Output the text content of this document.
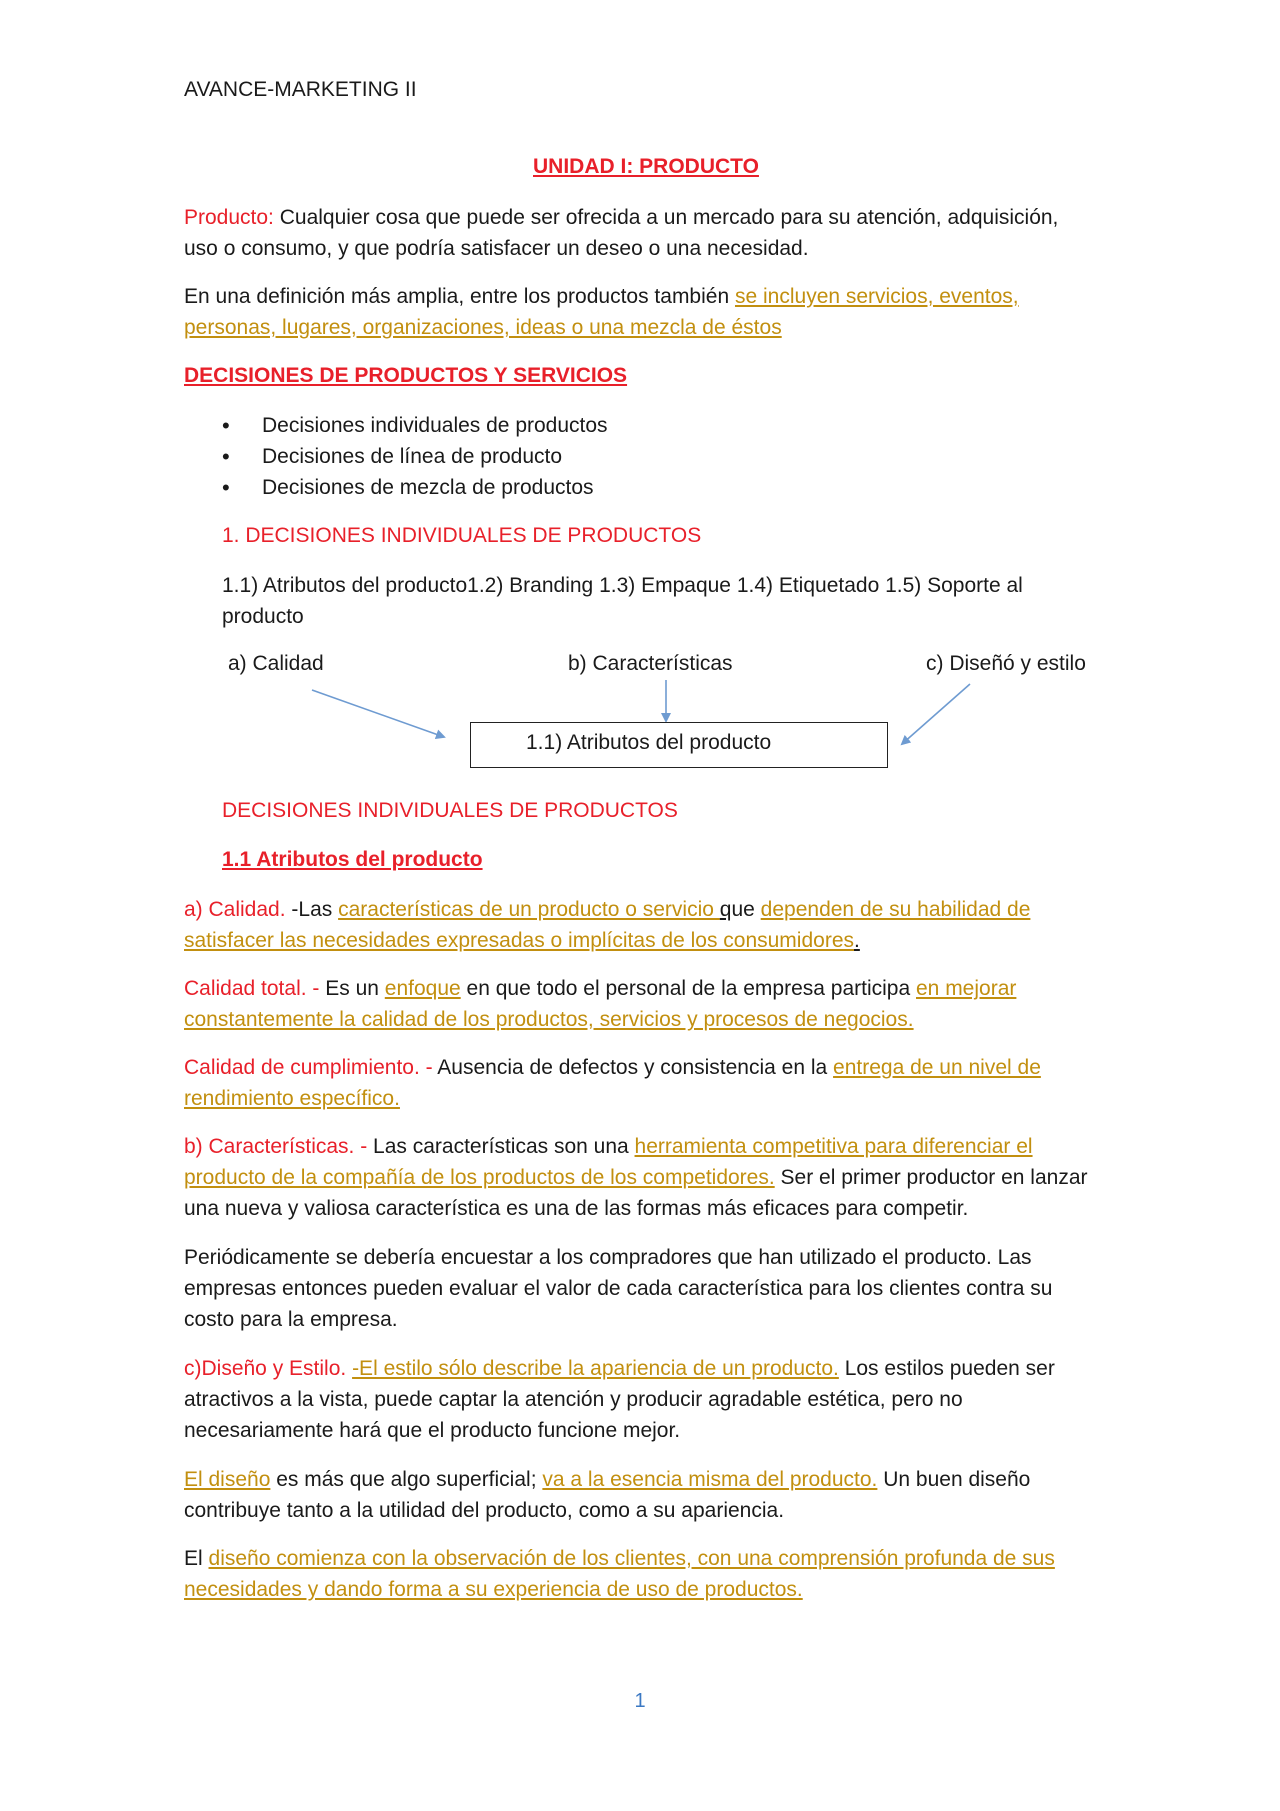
AVANCE-MARKETING II
UNIDAD I: PRODUCTO
Producto: Cualquier cosa que puede ser ofrecida a un mercado para su atención, adquisición, uso o consumo, y que podría satisfacer un deseo o una necesidad.
En una definición más amplia, entre los productos también se incluyen servicios, eventos, personas, lugares, organizaciones, ideas o una mezcla de éstos
DECISIONES DE PRODUCTOS Y SERVICIOS
• Decisiones individuales de productos
• Decisiones de línea de producto
• Decisiones de mezcla de productos
1. DECISIONES INDIVIDUALES DE PRODUCTOS
1.1) Atributos del producto1.2) Branding 1.3) Empaque 1.4) Etiquetado 1.5) Soporte al producto
a) Calidad	b) Características	c) Diseñó y estilo
1.1) Atributos del producto
DECISIONES INDIVIDUALES DE PRODUCTOS
1.1 Atributos del producto
a) Calidad. -Las características de un producto o servicio que dependen de su habilidad de satisfacer las necesidades expresadas o implícitas de los consumidores.
Calidad total. - Es un enfoque en que todo el personal de la empresa participa en mejorar constantemente la calidad de los productos, servicios y procesos de negocios.
Calidad de cumplimiento. - Ausencia de defectos y consistencia en la entrega de un nivel de rendimiento específico.
b) Características. - Las características son una herramienta competitiva para diferenciar el producto de la compañía de los productos de los competidores. Ser el primer productor en lanzar una nueva y valiosa característica es una de las formas más eficaces para competir.
Periódicamente se debería encuestar a los compradores que han utilizado el producto. Las empresas entonces pueden evaluar el valor de cada característica para los clientes contra su costo para la empresa.
c)Diseño y Estilo. -El estilo sólo describe la apariencia de un producto. Los estilos pueden ser atractivos a la vista, puede captar la atención y producir agradable estética, pero no necesariamente hará que el producto funcione mejor.
El diseño es más que algo superficial; va a la esencia misma del producto. Un buen diseño contribuye tanto a la utilidad del producto, como a su apariencia.
El diseño comienza con la observación de los clientes, con una comprensión profunda de sus necesidades y dando forma a su experiencia de uso de productos.
1
